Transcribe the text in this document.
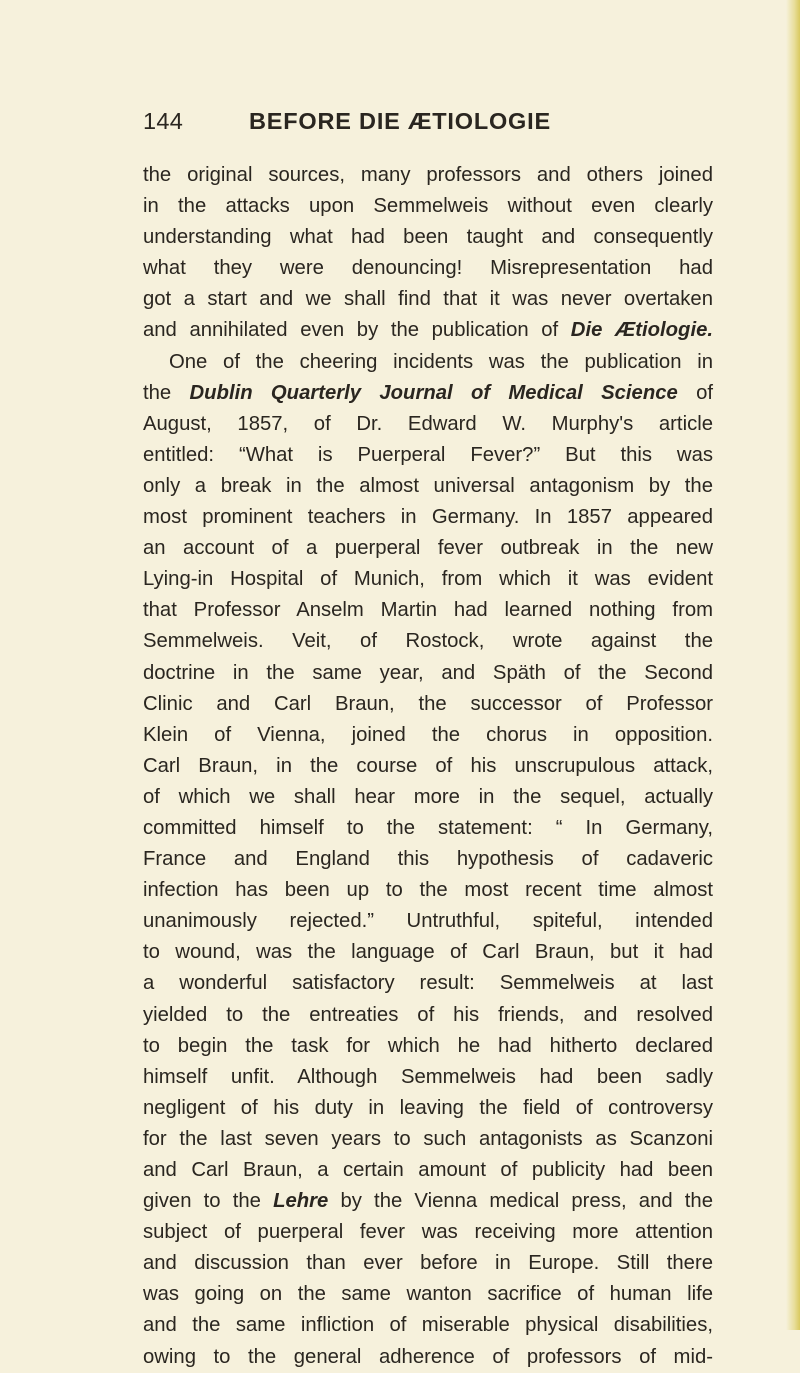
144	BEFORE DIE ÆTIOLOGIE
the original sources, many professors and others joined
in the attacks upon Semmelweis without even clearly
understanding what had been taught and consequently
what they were denouncing! Misrepresentation had
got a start and we shall find that it was never overtaken
and annihilated even by the publication of Die Ætiologie.
One of the cheering incidents was the publication in
the Dublin Quarterly Journal of Medical Science of
August, 1857, of Dr. Edward W. Murphy's article
entitled: “What is Puerperal Fever?” But this was
only a break in the almost universal antagonism by the
most prominent teachers in Germany. In 1857 appeared
an account of a puerperal fever outbreak in the new
Lying-in Hospital of Munich, from which it was evident
that Professor Anselm Martin had learned nothing from
Semmelweis. Veit, of Rostock, wrote against the
doctrine in the same year, and Späth of the Second
Clinic and Carl Braun, the successor of Professor
Klein of Vienna, joined the chorus in opposition.
Carl Braun, in the course of his unscrupulous attack,
of which we shall hear more in the sequel, actually
committed himself to the statement: “ In Germany,
France and England this hypothesis of cadaveric
infection has been up to the most recent time almost
unanimously rejected.” Untruthful, spiteful, intended
to wound, was the language of Carl Braun, but it had
a wonderful satisfactory result: Semmelweis at last
yielded to the entreaties of his friends, and resolved
to begin the task for which he had hitherto declared
himself unfit. Although Semmelweis had been sadly
negligent of his duty in leaving the field of controversy
for the last seven years to such antagonists as Scanzoni
and Carl Braun, a certain amount of publicity had been
given to the Lehre by the Vienna medical press, and the
subject of puerperal fever was receiving more attention
and discussion than ever before in Europe. Still there
was going on the same wanton sacrifice of human life
and the same infliction of miserable physical disabilities,
owing to the general adherence of professors of mid-
